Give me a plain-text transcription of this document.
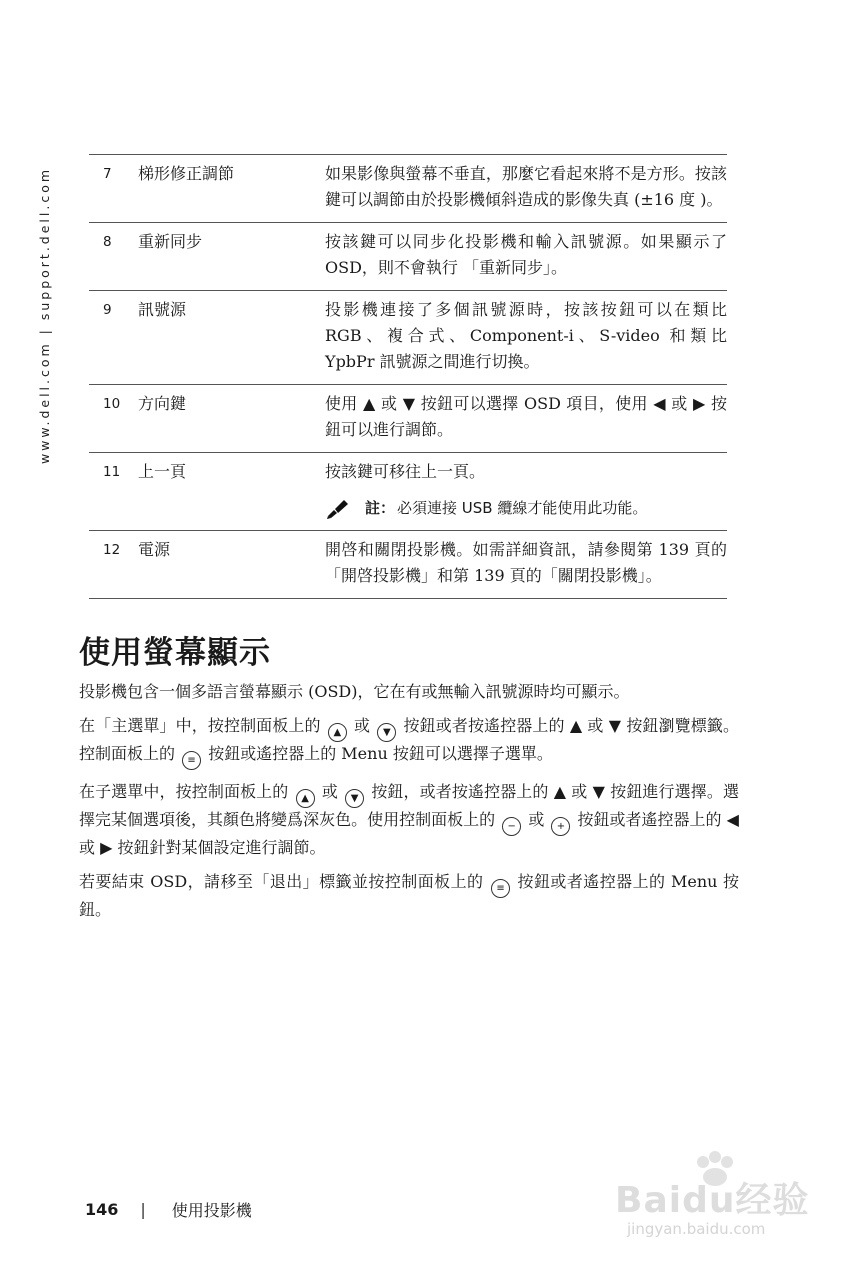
www.dell.com | support.dell.com	7	梯形修正調節	如果影像與螢幕不垂直，那麼它看起來將不是方形。按該鍵可以調節由於投影機傾斜造成的影像失真 (±16 度 )。
8	重新同步	按該鍵可以同步化投影機和輸入訊號源。如果顯示了 OSD，則不會執行 「重新同步」。
9	訊號源	投影機連接了多個訊號源時，按該按鈕可以在類比 RGB、複合式、Component-i、S-video 和類比 YpbPr 訊號源之間進行切換。
10	方向鍵	使用 ▲ 或 ▼ 按鈕可以選擇 OSD 項目，使用 ◀ 或 ▶ 按鈕可以進行調節。
11	上一頁	按該鍵可移往上一頁。
註： 必須連接 USB 纜線才能使用此功能。

12	電源	開啓和關閉投影機。如需詳細資訊，請參閱第 139 頁的 「開啓投影機」和第 139 頁的「關閉投影機」。
使用螢幕顯示

投影機包含一個多語言螢幕顯示 (OSD)，它在有或無輸入訊號源時均可顯示。

在「主選單」中，按控制面板上的 ▲ 或 ▼ 按鈕或者按遙控器上的 ▲ 或 ▼ 按鈕瀏覽標籤。控制面板上的 ≡ 按鈕或遙控器上的 Menu 按鈕可以選擇子選單。

在子選單中，按控制面板上的 ▲ 或 ▼ 按鈕，或者按遙控器上的 ▲ 或 ▼ 按鈕進行選擇。選擇完某個選項後，其顏色將變爲深灰色。使用控制面板上的 − 或 + 按鈕或者遙控器上的 ◀ 或 ▶ 按鈕針對某個設定進行調節。

若要結束 OSD，請移至「退出」標籤並按控制面板上的 ≡ 按鈕或者遙控器上的 Menu 按鈕。

146 | 使用投影機	Baidu经验
jingyan.baidu.com
